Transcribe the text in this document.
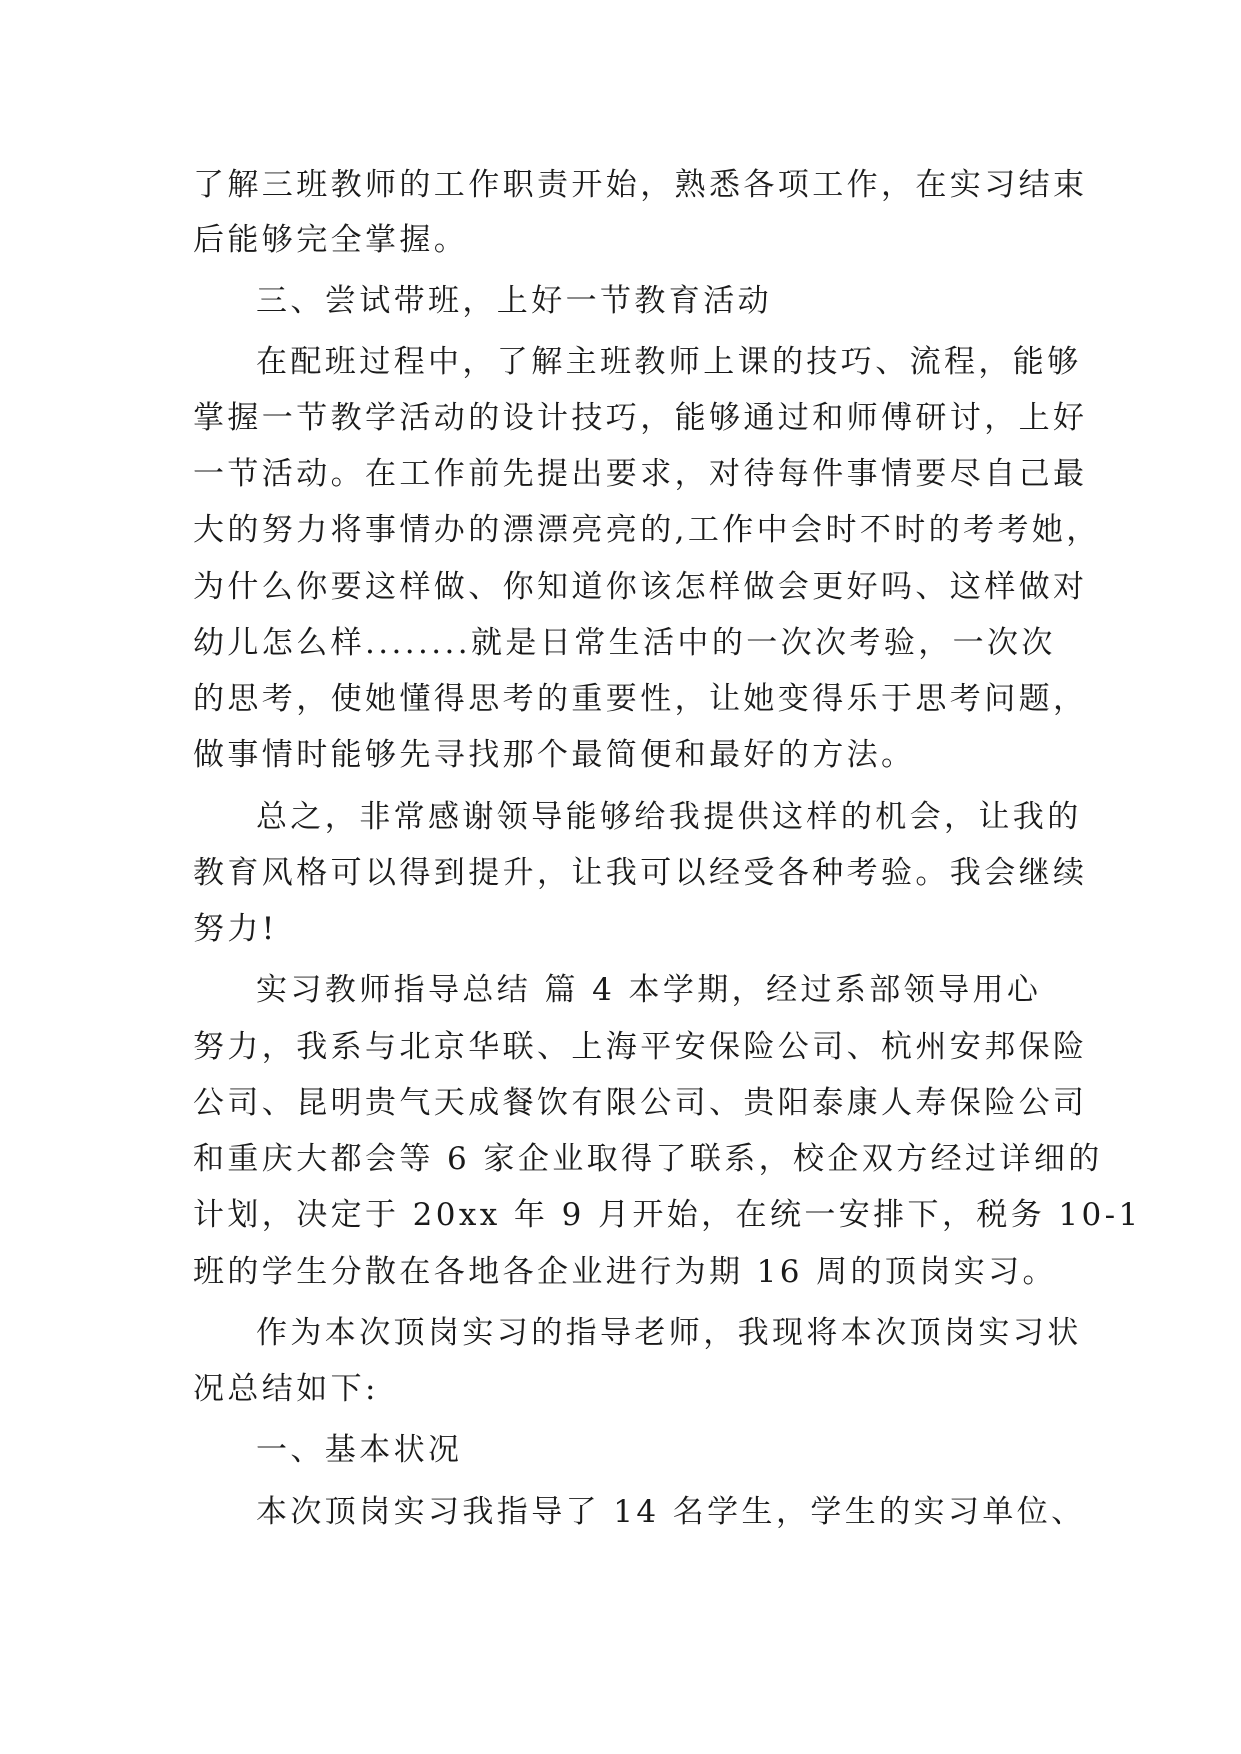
了解三班教师的工作职责开始，熟悉各项工作，在实习结束
后能够完全掌握。
三、尝试带班，上好一节教育活动
在配班过程中，了解主班教师上课的技巧、流程，能够
掌握一节教学活动的设计技巧，能够通过和师傅研讨，上好
一节活动。在工作前先提出要求，对待每件事情要尽自己最
大的努力将事情办的漂漂亮亮的,工作中会时不时的考考她，
为什么你要这样做、你知道你该怎样做会更好吗、这样做对
幼儿怎么样........就是日常生活中的一次次考验，一次次
的思考，使她懂得思考的重要性，让她变得乐于思考问题，
做事情时能够先寻找那个最简便和最好的方法。
总之，非常感谢领导能够给我提供这样的机会，让我的
教育风格可以得到提升，让我可以经受各种考验。我会继续
努力!
实习教师指导总结 篇 4 本学期，经过系部领导用心
努力，我系与北京华联、上海平安保险公司、杭州安邦保险
公司、昆明贵气天成餐饮有限公司、贵阳泰康人寿保险公司
和重庆大都会等 6 家企业取得了联系，校企双方经过详细的
计划，决定于 20xx 年 9 月开始，在统一安排下，税务 10-1
班的学生分散在各地各企业进行为期 16 周的顶岗实习。
作为本次顶岗实习的指导老师，我现将本次顶岗实习状
况总结如下:
一、基本状况
本次顶岗实习我指导了 14 名学生，学生的实习单位、
